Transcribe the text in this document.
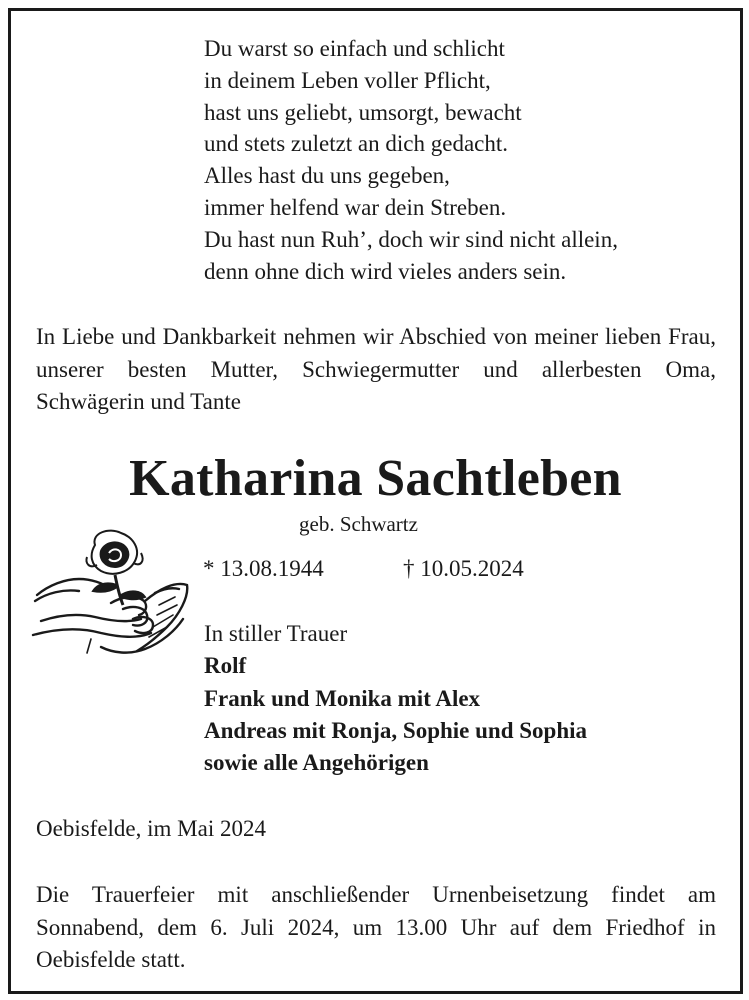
Du warst so einfach und schlicht
in deinem Leben voller Pflicht,
hast uns geliebt, umsorgt, bewacht
und stets zuletzt an dich gedacht.
Alles hast du uns gegeben,
immer helfend war dein Streben.
Du hast nun Ruh’, doch wir sind nicht allein,
denn ohne dich wird vieles anders sein.
In Liebe und Dankbarkeit nehmen wir Abschied von meiner lieben Frau, unserer besten Mutter, Schwiegermutter und allerbesten Oma, Schwägerin und Tante
Katharina Sachtleben
geb. Schwartz
* 13.08.1944	† 10.05.2024
In stiller Trauer
Rolf
Frank und Monika mit Alex
Andreas mit Ronja, Sophie und Sophia
sowie alle Angehörigen
Oebisfelde, im Mai 2024
Die Trauerfeier mit anschließender Urnenbeisetzung findet am Sonnabend, dem 6. Juli 2024, um 13.00 Uhr auf dem Friedhof in Oebisfelde statt.
